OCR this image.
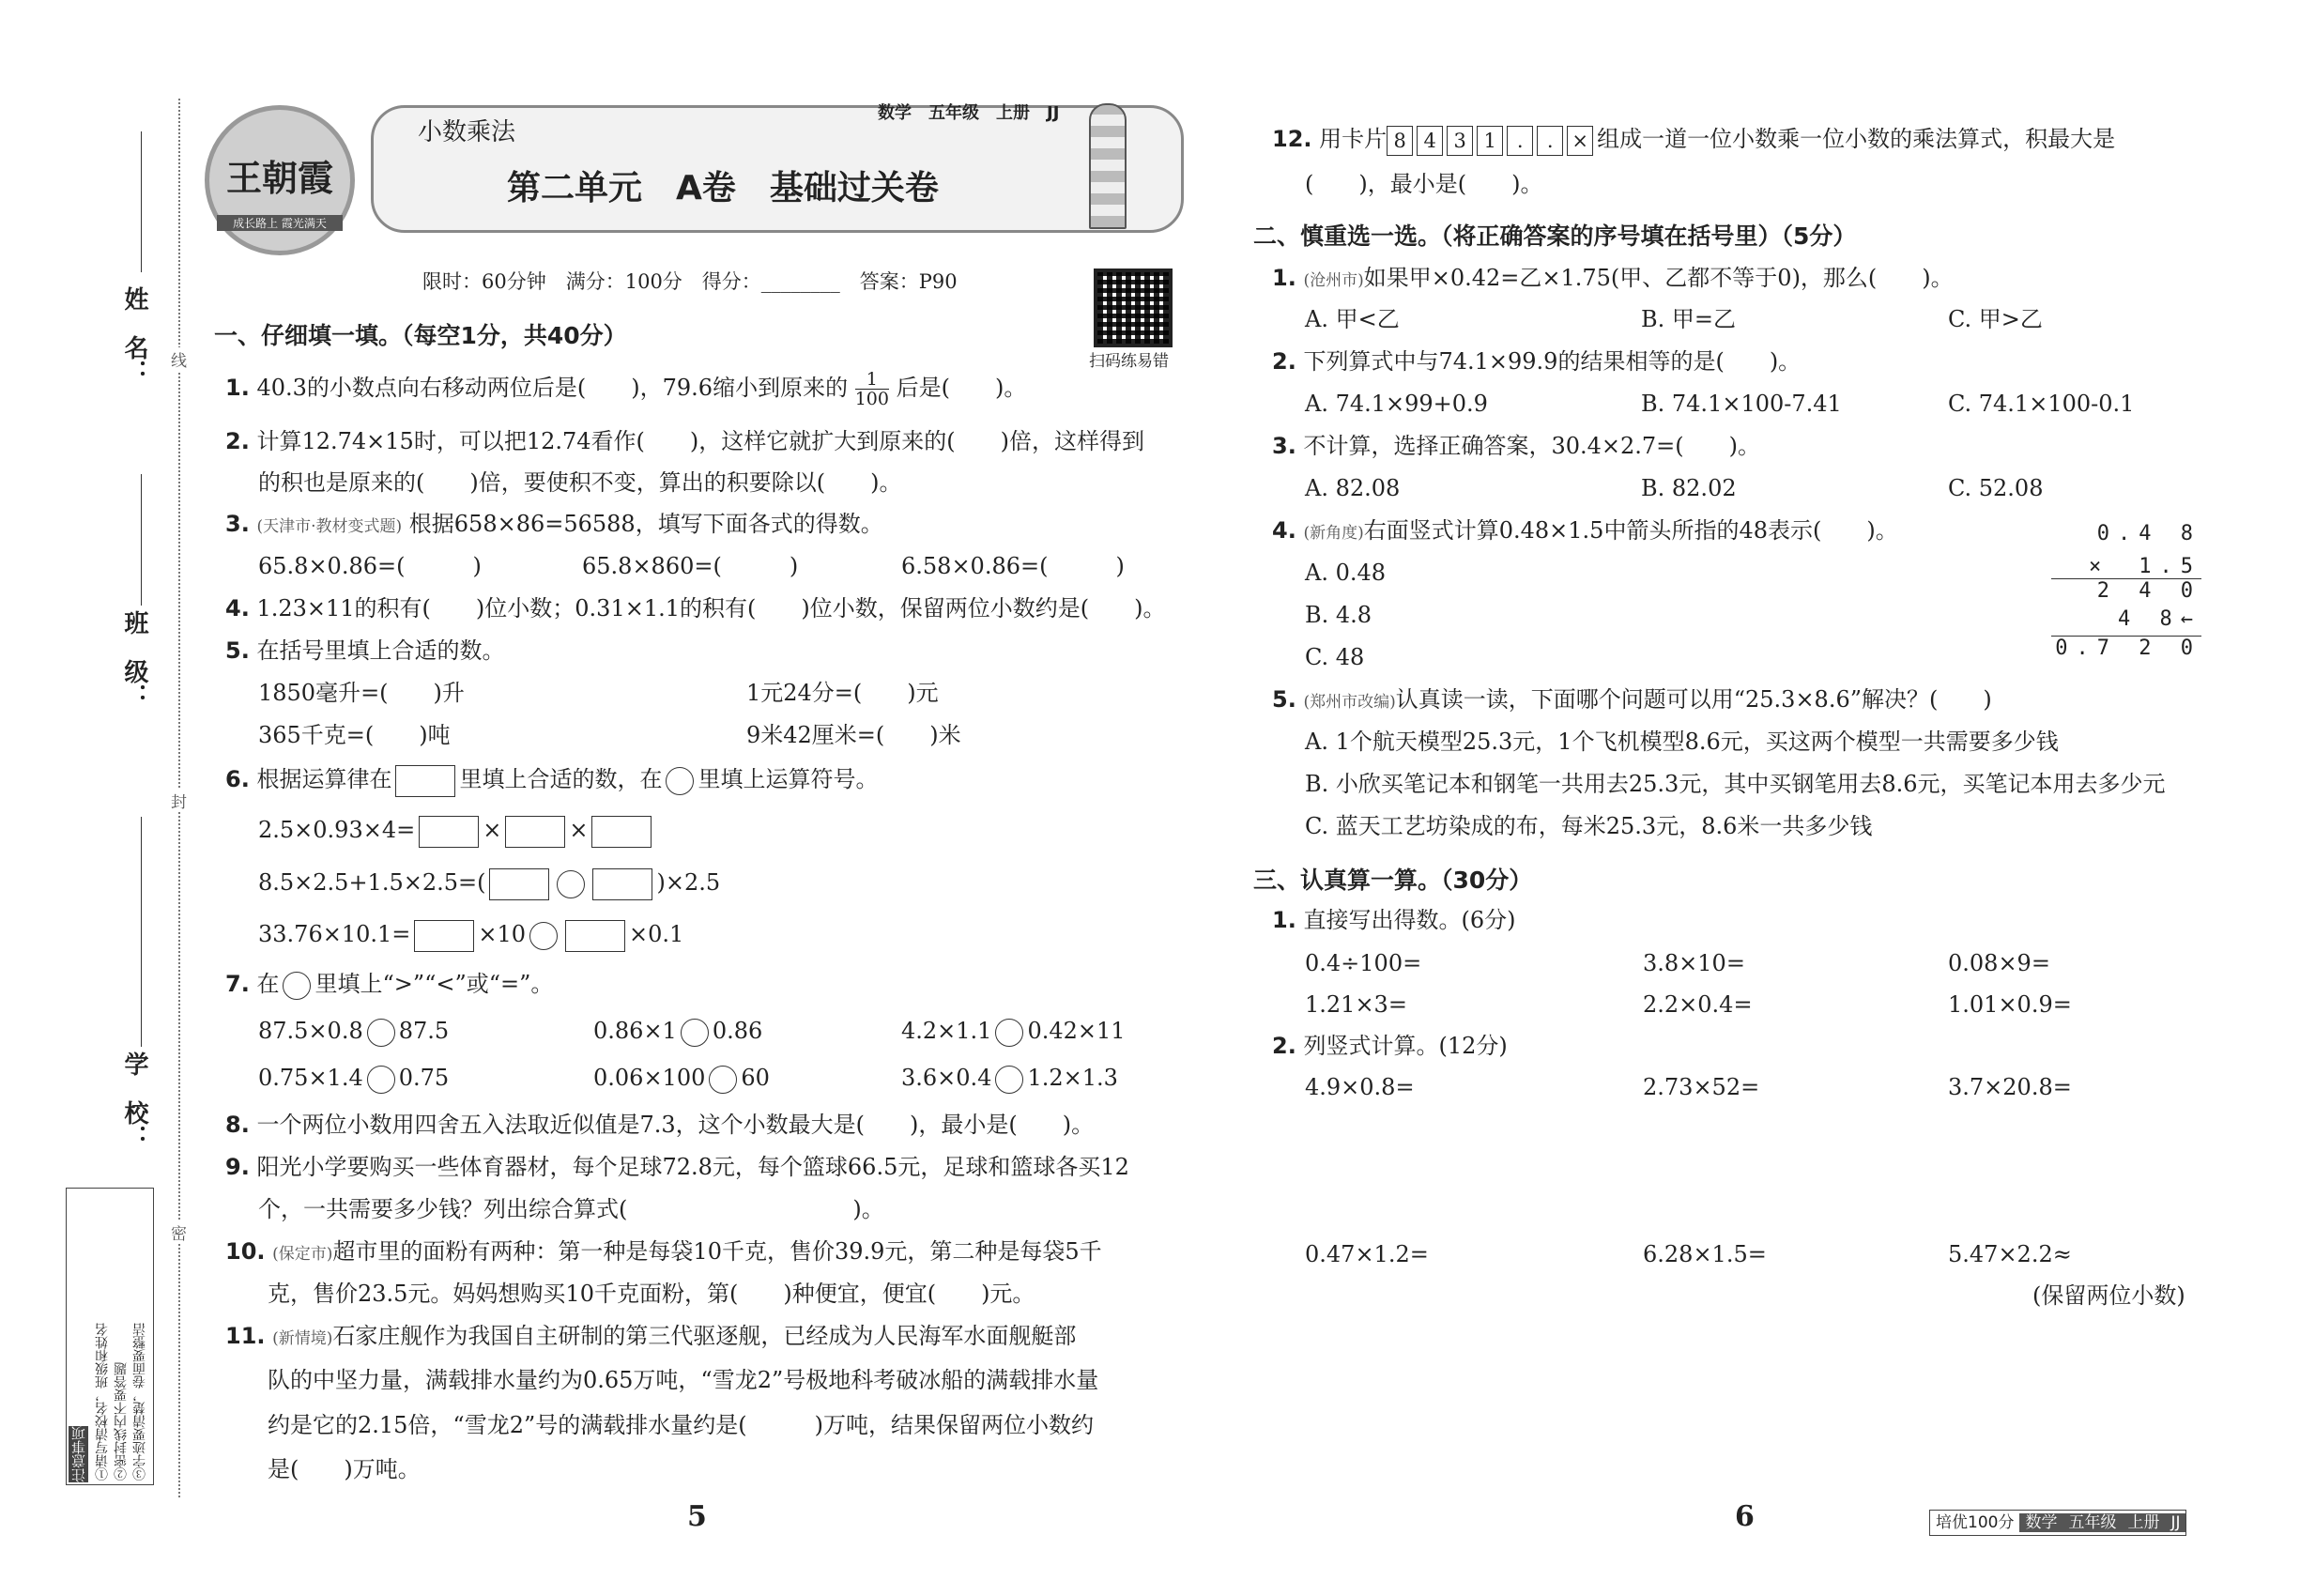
姓　名：
班　级：
学　校：
线
封
密
注意事项 ①请写清校名，班级和姓名 ②密封线内不要答题 ③字迹要清楚，卷面要整洁
王朝霞
成长路上 霞光满天
小数乘法
数学　五年级　上册　JJ
第二单元　A卷　基础过关卷
限时：60分钟　满分：100分　得分：________　答案：P90
扫码练易错
一、仔细填一填。（每空1分，共40分）
1. 40.3的小数点向右移动两位后是(　　)，79.6缩小到原来的 $\frac{1}{100}$ 后是(　　)。
2. 计算12.74×15时，可以把12.74看作(　　)，这样它就扩大到原来的(　　)倍，这样得到
的积也是原来的(　　)倍，要使积不变，算出的积要除以(　　)。
3. (天津市·教材变式题) 根据658×86=56588，填写下面各式的得数。
65.8×0.86=(　　　)	65.8×860=(　　　)	6.58×0.86=(　　　)
4. 1.23×11的积有(　　)位小数；0.31×1.1的积有(　　)位小数，保留两位小数约是(　　)。
5. 在括号里填上合适的数。
1850毫升=(　　)升	1元24分=(　　)元
365千克=(　　)吨	9米42厘米=(　　)米
6. 根据运算律在	里填上合适的数，在 里填上运算符号。
2.5×0.93×4=	×	×
8.5×2.5+1.5×2.5=(	)×2.5
33.76×10.1=	×10	×0.1
7. 在 里填上“>”“<”或“=”。
87.5×0.8 87.5	0.86×1 0.86	4.2×1.1 0.42×11
0.75×1.4 0.75	0.06×100 60	3.6×0.4 1.2×1.3
8. 一个两位小数用四舍五入法取近似值是7.3，这个小数最大是(　　)，最小是(　　)。
9. 阳光小学要购买一些体育器材，每个足球72.8元，每个篮球66.5元，足球和篮球各买12
个，一共需要多少钱？列出综合算式(　　　　　　　　　　)。
10. (保定市)超市里的面粉有两种：第一种是每袋10千克，售价39.9元，第二种是每袋5千
克，售价23.5元。妈妈想购买10千克面粉，第(　　)种便宜，便宜(　　)元。
11. (新情境)石家庄舰作为我国自主研制的第三代驱逐舰，已经成为人民海军水面舰艇部
队的中坚力量，满载排水量约为0.65万吨，“雪龙2”号极地科考破冰船的满载排水量
约是它的2.15倍，“雪龙2”号的满载排水量约是(　　　)万吨，结果保留两位小数约
是(　　)万吨。
5
12. 用卡片 8 4 3 1 . . × 组成一道一位小数乘一位小数的乘法算式，积最大是
(　　)，最小是(　　)。
二、慎重选一选。（将正确答案的序号填在括号里）（5分）
1. (沧州市)如果甲×0.42=乙×1.75(甲、乙都不等于0)，那么(　　)。
A. 甲<乙	B. 甲=乙	C. 甲>乙
2. 下列算式中与74.1×99.9的结果相等的是(　　)。
A. 74.1×99+0.9	B. 74.1×100-7.41	C. 74.1×100-0.1
3. 不计算，选择正确答案，30.4×2.7=(　　)。
A. 82.08	B. 82.02	C. 52.08
4. (新角度)右面竖式计算0.48×1.5中箭头所指的48表示(　　)。
A. 0.48
B. 4.8
C. 48
0.4 8
×　1.5
2 4 0
4 8←
0.7 2 0
5. (郑州市改编)认真读一读，下面哪个问题可以用“25.3×8.6”解决？(　　)
A. 1个航天模型25.3元，1个飞机模型8.6元，买这两个模型一共需要多少钱
B. 小欣买笔记本和钢笔一共用去25.3元，其中买钢笔用去8.6元，买笔记本用去多少元
C. 蓝天工艺坊染成的布，每米25.3元，8.6米一共多少钱
三、认真算一算。（30分）
1. 直接写出得数。(6分)
0.4÷100=	3.8×10=	0.08×9=
1.21×3=	2.2×0.4=	1.01×0.9=
2. 列竖式计算。(12分)
4.9×0.8=	2.73×52=	3.7×20.8=
0.47×1.2=	6.28×1.5=	5.47×2.2≈
(保留两位小数)
6	培优100分 数学 五年级 上册 JJ
